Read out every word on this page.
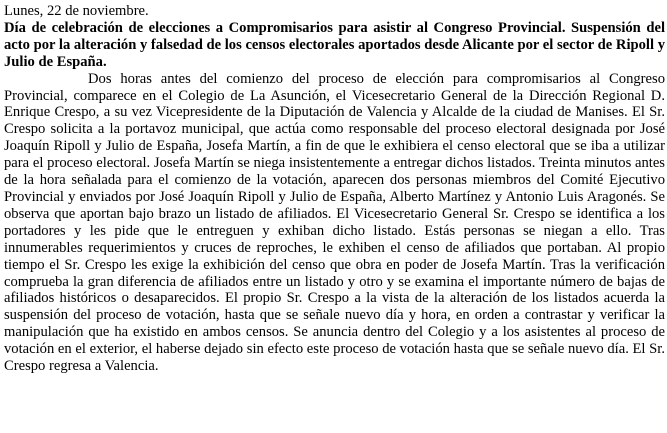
Lunes, 22 de noviembre.

Día de celebración de elecciones a Compromisarios para asistir al Congreso Provincial. Suspensión del acto por la alteración y falsedad de los censos electorales aportados desde Alicante por el sector de Ripoll y Julio de España.

Dos horas antes del comienzo del proceso de elección para compromisarios al Congreso Provincial, comparece en el Colegio de La Asunción, el Vicesecretario General de la Dirección Regional D. Enrique Crespo, a su vez Vicepresidente de la Diputación de Valencia y Alcalde de la ciudad de Manises. El Sr. Crespo solicita a la portavoz municipal, que actúa como responsable del proceso electoral designada por José Joaquín Ripoll y Julio de España, Josefa Martín, a fin de que le exhibiera el censo electoral que se iba a utilizar para el proceso electoral. Josefa Martín se niega insistentemente a entregar dichos listados. Treinta minutos antes de la hora señalada para el comienzo de la votación, aparecen dos personas miembros del Comité Ejecutivo Provincial y enviados por José Joaquín Ripoll y Julio de España, Alberto Martínez y Antonio Luis Aragonés. Se observa que aportan bajo brazo un listado de afiliados. El Vicesecretario General Sr. Crespo se identifica a los portadores y les pide que le entreguen y exhiban dicho listado. Estás personas se niegan a ello. Tras innumerables requerimientos y cruces de reproches, le exhiben el censo de afiliados que portaban. Al propio tiempo el Sr. Crespo les exige la exhibición del censo que obra en poder de Josefa Martín. Tras la verificación comprueba la gran diferencia de afiliados entre un listado y otro y se examina el importante número de bajas de afiliados históricos o desaparecidos. El propio Sr. Crespo a la vista de la alteración de los listados acuerda la suspensión del proceso de votación, hasta que se señale nuevo día y hora, en orden a contrastar y verificar la manipulación que ha existido en ambos censos. Se anuncia dentro del Colegio y a los asistentes al proceso de votación en el exterior, el haberse dejado sin efecto este proceso de votación hasta que se señale nuevo día. El Sr. Crespo regresa a Valencia.
